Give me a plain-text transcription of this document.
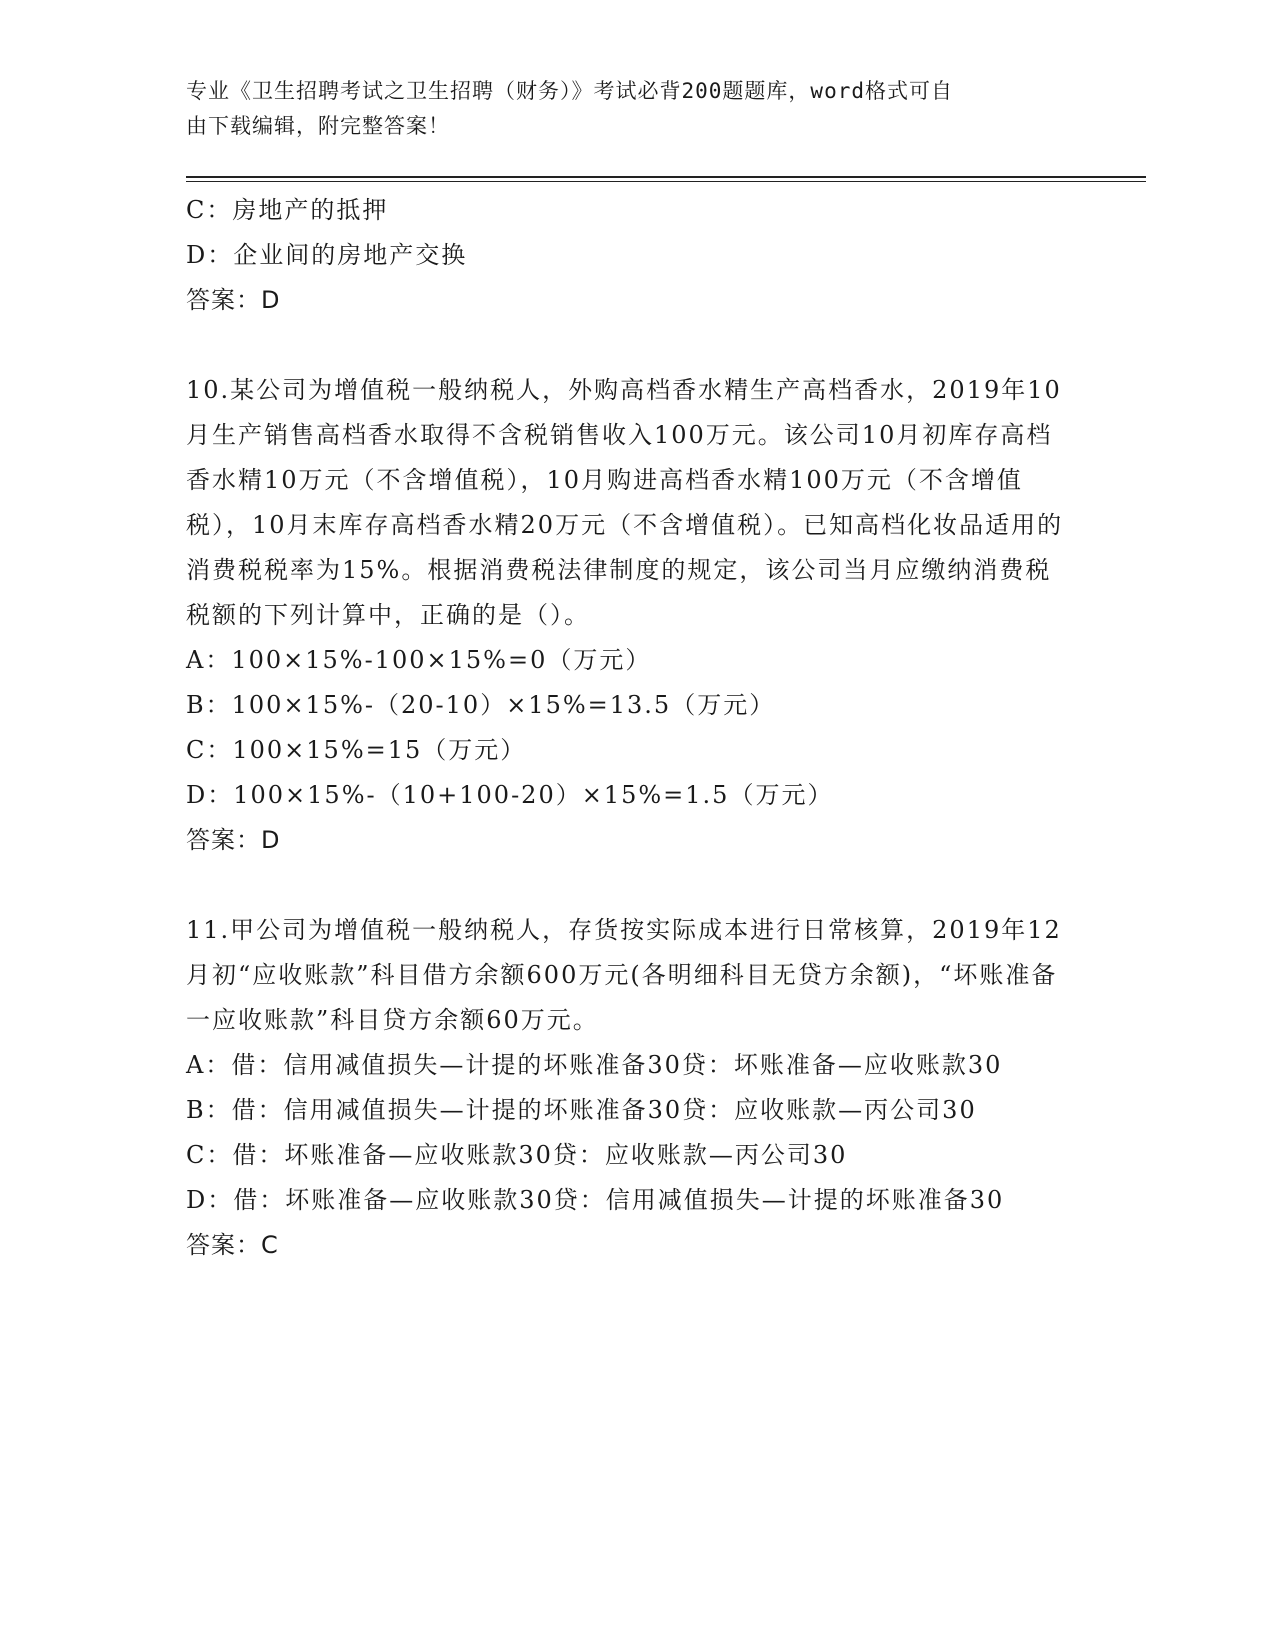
专业《卫生招聘考试之卫生招聘（财务）》考试必背200题题库，word格式可自
由下载编辑，附完整答案！
C：房地产的抵押
D：企业间的房地产交换
答案：D
10.某公司为增值税一般纳税人，外购高档香水精生产高档香水，2019年10月生产销售高档香水取得不含税销售收入100万元。该公司10月初库存高档香水精10万元（不含增值税），10月购进高档香水精100万元（不含增值税），10月末库存高档香水精20万元（不含增值税）。已知高档化妆品适用的消费税税率为15%。根据消费税法律制度的规定，该公司当月应缴纳消费税税额的下列计算中，正确的是（）。
A：100×15%-100×15%=0（万元）
B：100×15%-（20-10）×15%=13.5（万元）
C：100×15%=15（万元）
D：100×15%-（10+100-20）×15%=1.5（万元）
答案：D
11.甲公司为增值税一般纳税人，存货按实际成本进行日常核算，2019年12月初“应收账款”科目借方余额600万元(各明细科目无贷方余额)，“坏账准备一应收账款”科目贷方余额60万元。
A：借：信用减值损失—计提的坏账准备30贷：坏账准备—应收账款30
B：借：信用减值损失—计提的坏账准备30贷：应收账款—丙公司30
C：借：坏账准备—应收账款30贷：应收账款—丙公司30
D：借：坏账准备—应收账款30贷：信用减值损失—计提的坏账准备30
答案：C
